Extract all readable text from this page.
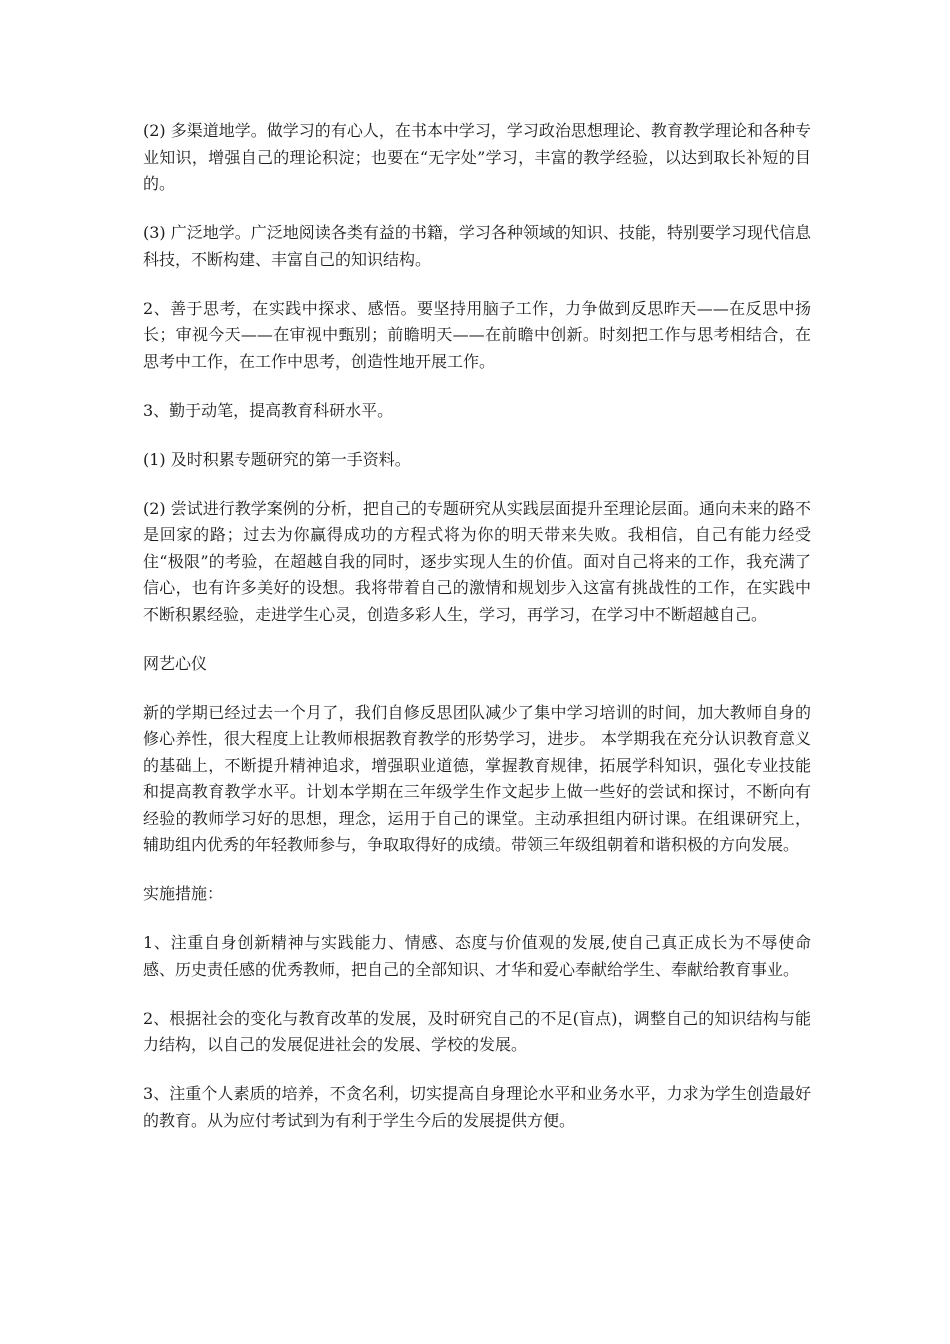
(2) 多渠道地学。做学习的有心人，在书本中学习，学习政治思想理论、教育教学理论和各种专业知识，增强自己的理论积淀；也要在“无字处”学习，丰富的教学经验，以达到取长补短的目的。

(3) 广泛地学。广泛地阅读各类有益的书籍，学习各种领域的知识、技能，特别要学习现代信息科技，不断构建、丰富自己的知识结构。

2、善于思考，在实践中探求、感悟。要坚持用脑子工作，力争做到反思昨天——在反思中扬长；审视今天——在审视中甄别；前瞻明天——在前瞻中创新。时刻把工作与思考相结合，在思考中工作，在工作中思考，创造性地开展工作。

3、勤于动笔，提高教育科研水平。

(1) 及时积累专题研究的第一手资料。

(2) 尝试进行教学案例的分析，把自己的专题研究从实践层面提升至理论层面。通向未来的路不是回家的路；过去为你赢得成功的方程式将为你的明天带来失败。我相信，自己有能力经受住“极限”的考验，在超越自我的同时，逐步实现人生的价值。面对自己将来的工作，我充满了信心，也有许多美好的设想。我将带着自己的激情和规划步入这富有挑战性的工作，在实践中不断积累经验，走进学生心灵，创造多彩人生，学习，再学习，在学习中不断超越自己。

网艺心仪

新的学期已经过去一个月了，我们自修反思团队减少了集中学习培训的时间，加大教师自身的修心养性，很大程度上让教师根据教育教学的形势学习，进步。 本学期我在充分认识教育意义的基础上，不断提升精神追求，增强职业道德，掌握教育规律，拓展学科知识，强化专业技能和提高教育教学水平。计划本学期在三年级学生作文起步上做一些好的尝试和探讨，不断向有经验的教师学习好的思想，理念，运用于自己的课堂。主动承担组内研讨课。在组课研究上，辅助组内优秀的年轻教师参与，争取取得好的成绩。带领三年级组朝着和谐积极的方向发展。

实施措施：

1、注重自身创新精神与实践能力、情感、态度与价值观的发展,使自己真正成长为不辱使命感、历史责任感的优秀教师，把自己的全部知识、才华和爱心奉献给学生、奉献给教育事业。

2、根据社会的变化与教育改革的发展，及时研究自己的不足(盲点)，调整自己的知识结构与能力结构，以自己的发展促进社会的发展、学校的发展。

3、注重个人素质的培养，不贪名利，切实提高自身理论水平和业务水平，力求为学生创造最好的教育。从为应付考试到为有利于学生今后的发展提供方便。
